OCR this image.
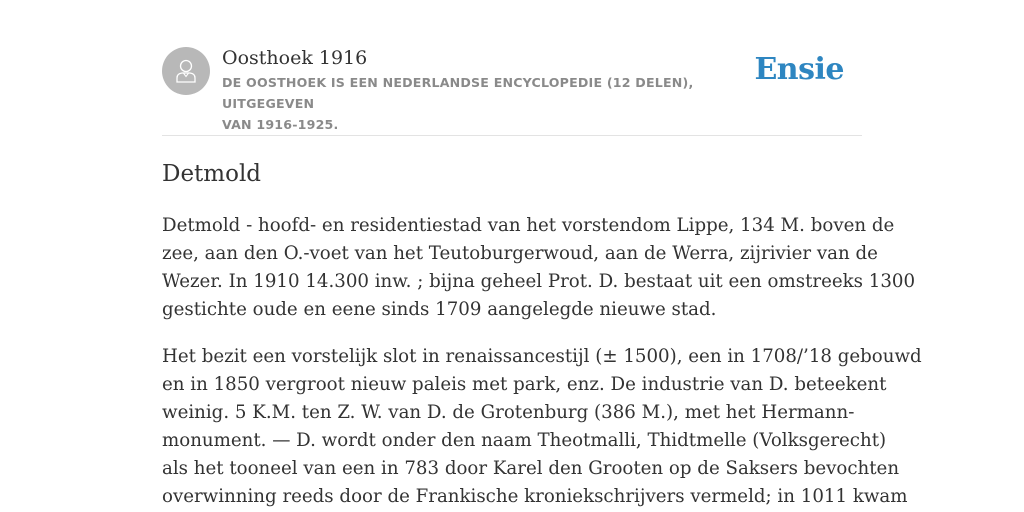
Oosthoek 1916
DE OOSTHOEK IS EEN NEDERLANDSE ENCYCLOPEDIE (12 DELEN), UITGEGEVEN
VAN 1916-1925.
Ensie
Detmold

Detmold - hoofd- en residentiestad van het vorstendom Lippe, 134 M. boven de
zee, aan den O.-voet van het Teutoburgerwoud, aan de Werra, zijrivier van de
Wezer. In 1910 14.300 inw. ; bijna geheel Prot. D. bestaat uit een omstreeks 1300
gestichte oude en eene sinds 1709 aangelegde nieuwe stad.

Het bezit een vorstelijk slot in renaissancestijl (± 1500), een in 1708/’18 gebouwd
en in 1850 vergroot nieuw paleis met park, enz. De industrie van D. beteekent
weinig. 5 K.M. ten Z. W. van D. de Grotenburg (386 M.), met het Hermann-
monument. — D. wordt onder den naam Theotmalli, Thidtmelle (Volksgerecht)
als het tooneel van een in 783 door Karel den Grooten op de Saksers bevochten
overwinning reeds door de Frankische kroniekschrijvers vermeld; in 1011 kwam
